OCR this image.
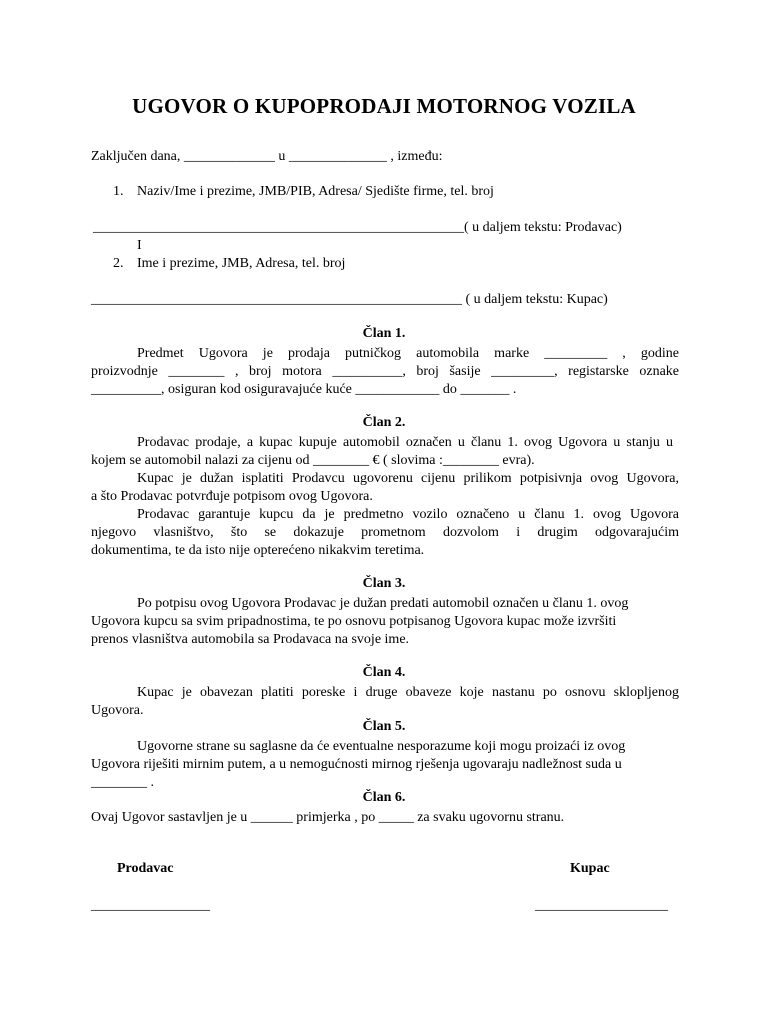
UGOVOR O KUPOPRODAJI MOTORNOG VOZILA
Zaključen dana, _____________ u ______________ , između:
1. Naziv/Ime i prezime, JMB/PIB, Adresa/ Sjedište firme, tel. broj
_____________________________________________________( u daljem tekstu: Prodavac)
I
2. Ime i prezime, JMB, Adresa, tel. broj
_____________________________________________________ ( u daljem tekstu: Kupac)
Član 1.
Predmet Ugovora je prodaja putničkog automobila marke _________ , godine
proizvodnje ________ , broj motora __________, broj šasije _________, registarske oznake
__________, osiguran kod osiguravajuće kuće ____________ do _______ .
Član 2.
Prodavac prodaje, a kupac kupuje automobil označen u članu 1. ovog Ugovora u stanju u
kojem se automobil nalazi za cijenu od ________ € ( slovima :________ evra).
Kupac je dužan isplatiti Prodavcu ugovorenu cijenu prilikom potpisivnja ovog Ugovora,
a što Prodavac potvrđuje potpisom ovog Ugovora.
Prodavac garantuje kupcu da je predmetno vozilo označeno u članu 1. ovog Ugovora
njegovo vlasništvo, što se dokazuje prometnom dozvolom i drugim odgovarajućim
dokumentima, te da isto nije opterećeno nikakvim teretima.
Član 3.
Po potpisu ovog Ugovora Prodavac je dužan predati automobil označen u članu 1. ovog
Ugovora kupcu sa svim pripadnostima, te po osnovu potpisanog Ugovora kupac može izvršiti
prenos vlasništva automobila sa Prodavaca na svoje ime.
Član 4.
Kupac je obavezan platiti poreske i druge obaveze koje nastanu po osnovu sklopljenog
Ugovora.
Član 5.
Ugovorne strane su saglasne da će eventualne nesporazume koji mogu proizaći iz ovog
Ugovora riješiti mirnim putem, a u nemogućnosti mirnog rješenja ugovaraju nadležnost suda u
________ .
Član 6.
Ovaj Ugovor sastavljen je u ______ primjerka , po _____ za svaku ugovornu stranu.
Prodavac	Kupac
_________________	___________________
